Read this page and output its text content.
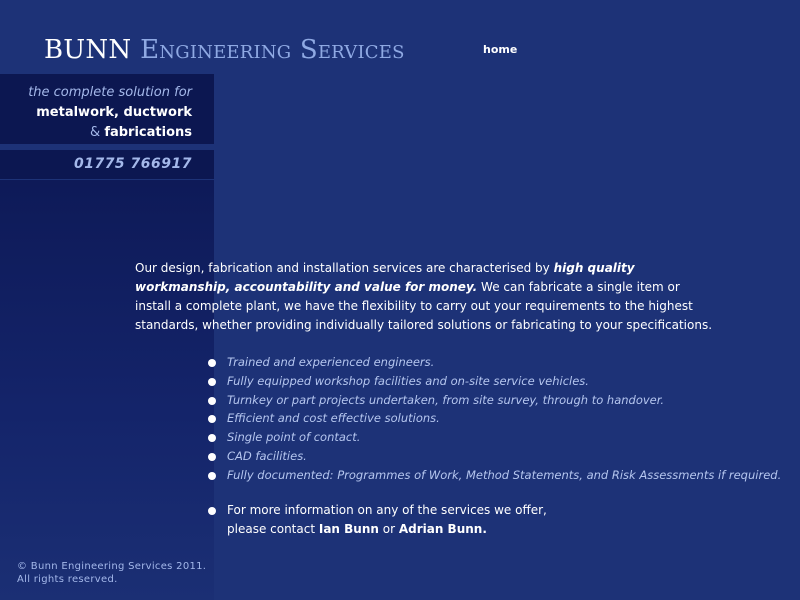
BUNN Engineering Services	home
the complete solution for
metalwork, ductwork
& fabrications
01775 766917

Our design, fabrication and installation services are characterised by high quality workmanship, accountability and value for money. We can fabricate a single item or install a complete plant, we have the flexibility to carry out your requirements to the highest standards, whether providing individually tailored solutions or fabricating to your specifications.

Trained and experienced engineers.
Fully equipped workshop facilities and on-site service vehicles.
Turnkey or part projects undertaken, from site survey, through to handover.
Efficient and cost effective solutions.
Single point of contact.
CAD facilities.
Fully documented: Programmes of Work, Method Statements, and Risk Assessments if required.
For more information on any of the services we offer,
please contact Ian Bunn or Adrian Bunn.
© Bunn Engineering Services 2011.
All rights reserved.
